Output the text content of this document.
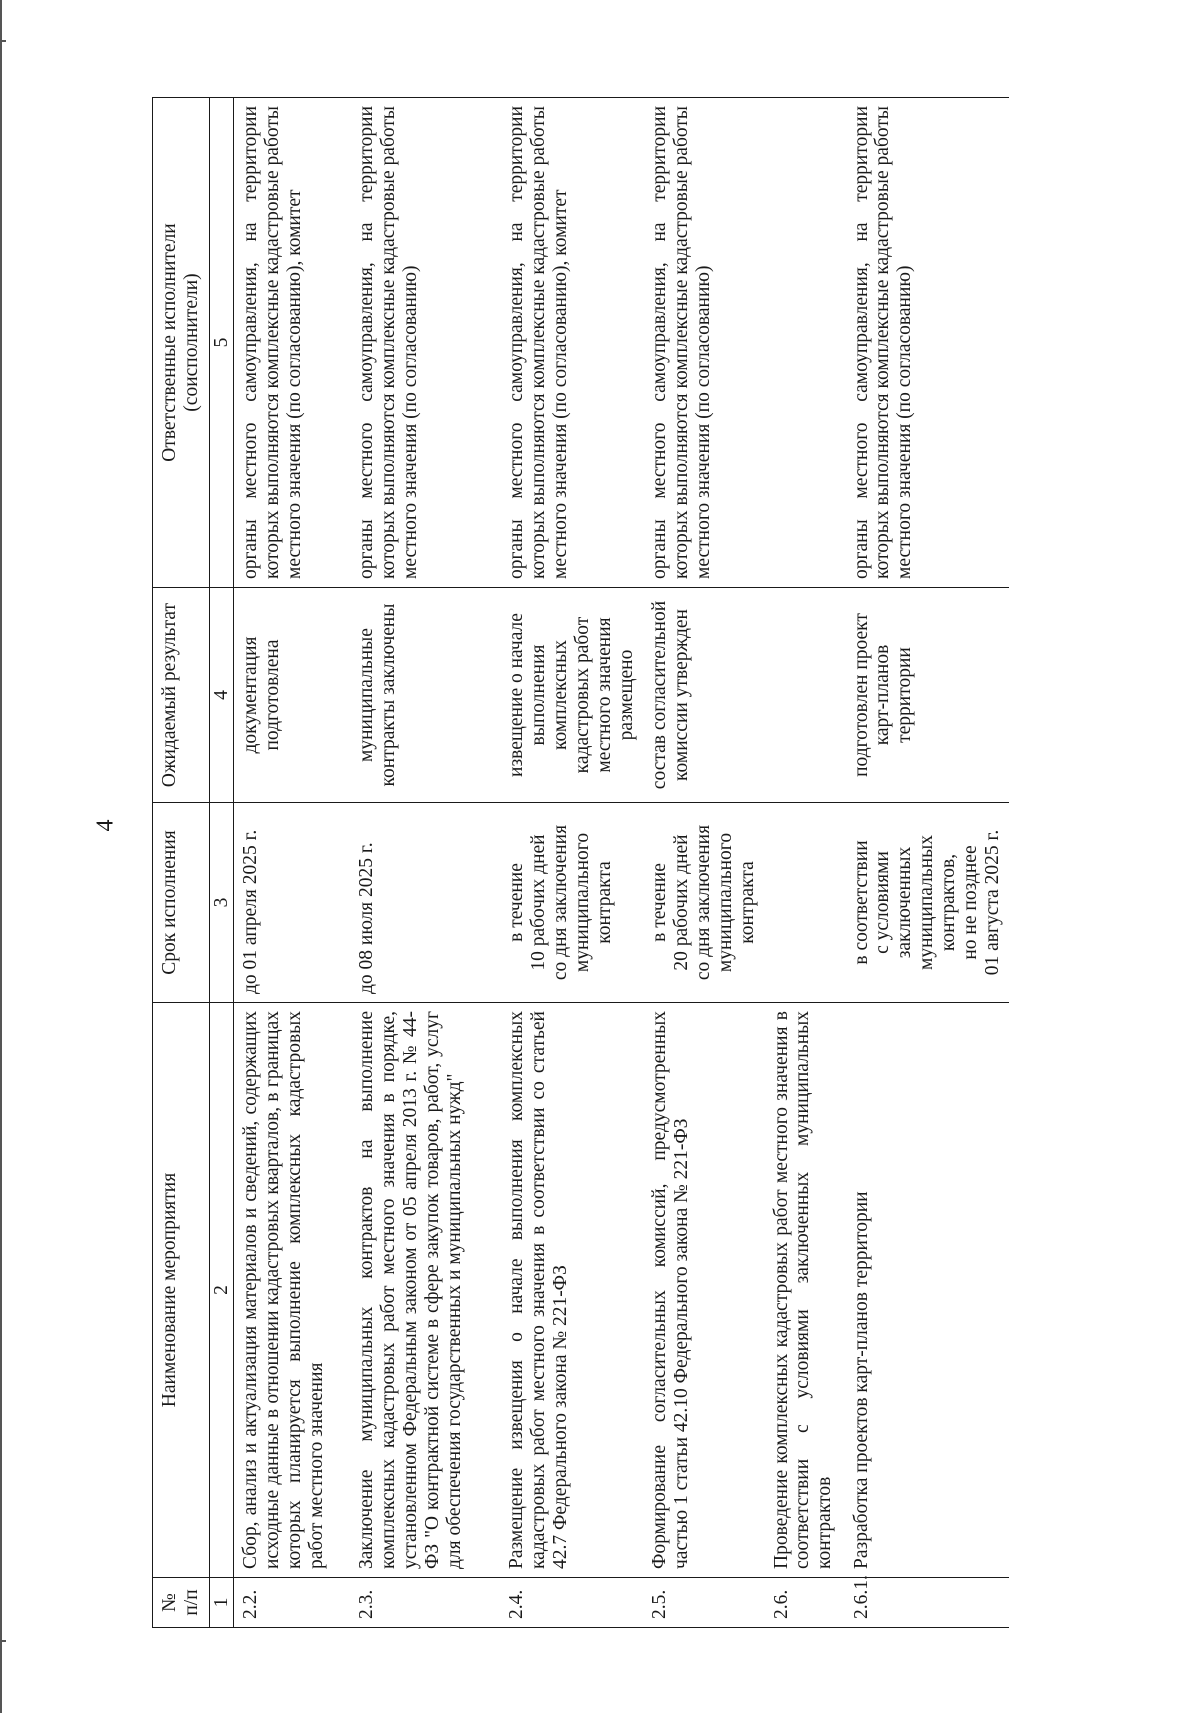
4
№
п/п	Наименование мероприятия	Срок исполнения	Ожидаемый результат	Ответственные исполнители
(соисполнители)
1	2	3	4	5
2.2.	Сбор, анализ и актуализация материалов и сведений, содержащих исходные данные в отношении кадастровых кварталов, в границах которых планируется выполнение комплексных кадастровых работ местного значения	до 01 апреля 2025 г.	документация подготовлена	органы местного самоуправления, на территории которых выполняются комплексные кадастровые работы местного значения (по согласованию), комитет
2.3.	Заключение муниципальных контрактов на выполнение комплексных кадастровых работ местного значения в порядке, установленном Федеральным законом от 05 апреля 2013 г. № 44-ФЗ "О контрактной системе в сфере закупок товаров, работ, услуг для обеспечения государственных и муниципальных нужд"	до 08 июля 2025 г.	муниципальные контракты заключены	органы местного самоуправления, на территории которых выполняются комплексные кадастровые работы местного значения (по согласованию)
2.4.	Размещение извещения о начале выполнения комплексных кадастровых работ местного значения в соответствии со статьей 42.7 Федерального закона № 221-ФЗ	в течение
10 рабочих дней
со дня заключения
муниципального
контракта	извещение о начале выполнения комплексных кадастровых работ местного значения размещено	органы местного самоуправления, на территории которых выполняются комплексные кадастровые работы местного значения (по согласованию), комитет
2.5.	Формирование согласительных комиссий, предусмотренных частью 1 статьи 42.10 Федерального закона № 221-ФЗ	в течение
20 рабочих дней
со дня заключения
муниципального
контракта	состав согласительной комиссии утвержден	органы местного самоуправления, на территории которых выполняются комплексные кадастровые работы местного значения (по согласованию)
2.6.	Проведение комплексных кадастровых работ местного значения в соответствии с условиями заключенных муниципальных контрактов			
2.6.1.	Разработка проектов карт-планов территории	в соответствии
с условиями заключенных муниципальных контрактов,
но не позднее
01 августа 2025 г.	подготовлен проект карт-планов территории	органы местного самоуправления, на территории которых выполняются комплексные кадастровые работы местного значения (по согласованию)
